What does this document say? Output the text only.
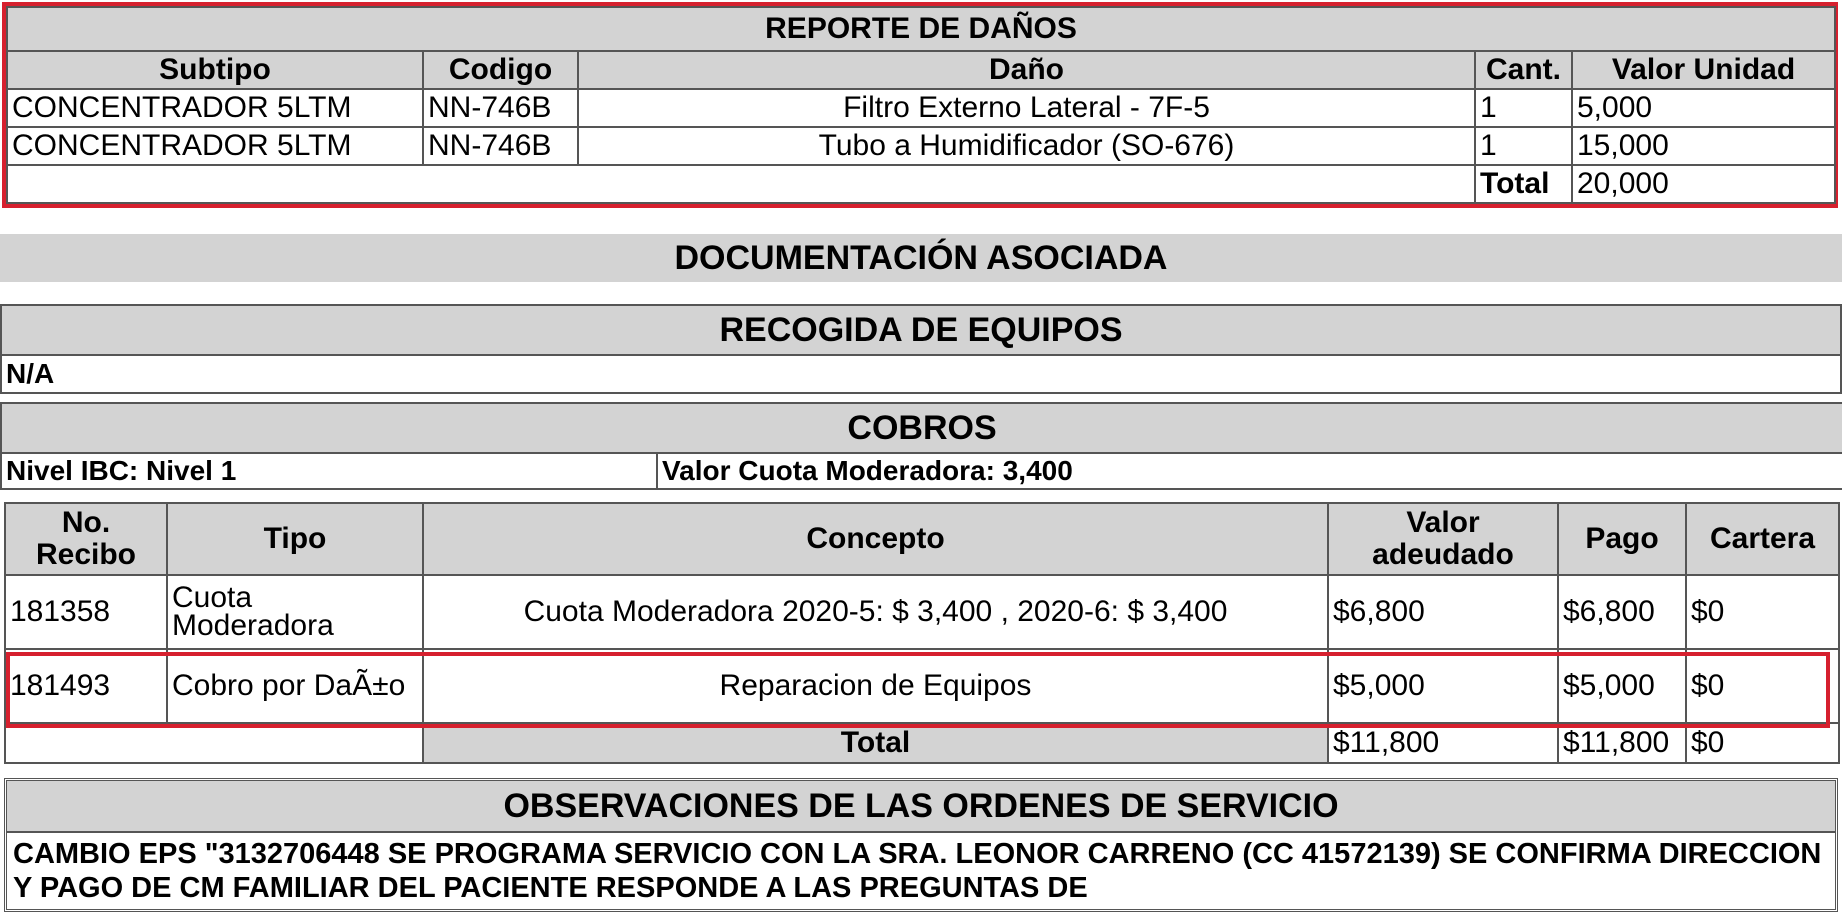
REPORTE DE DAÑOS				
Subtipo	Codigo	Daño	Cant.	Valor Unidad
CONCENTRADOR 5LTM	NN-746B	Filtro Externo Lateral - 7F-5	1	5,000
CONCENTRADOR 5LTM	NN-746B	Tubo a Humidificador (SO-676)	1	15,000
			Total	20,000
DOCUMENTACIÓN ASOCIADA
RECOGIDA DE EQUIPOS
N/A
COBROS
Nivel IBC: Nivel 1	Valor Cuota Moderadora: 3,400
No. Recibo	Tipo	Concepto	Valor adeudado	Pago	Cartera
181358	Cuota Moderadora	Cuota Moderadora 2020-5: $ 3,400 , 2020-6: $ 3,400	$6,800	$6,800	$0
181493	Cobro por DaÃ±o	Reparacion de Equipos	$5,000	$5,000	$0
		Total	$11,800	$11,800	$0
OBSERVACIONES DE LAS ORDENES DE SERVICIO
CAMBIO EPS "3132706448 SE PROGRAMA SERVICIO CON LA SRA. LEONOR CARRENO (CC 41572139) SE CONFIRMA DIRECCION Y PAGO DE CM FAMILIAR DEL PACIENTE RESPONDE A LAS PREGUNTAS DE
